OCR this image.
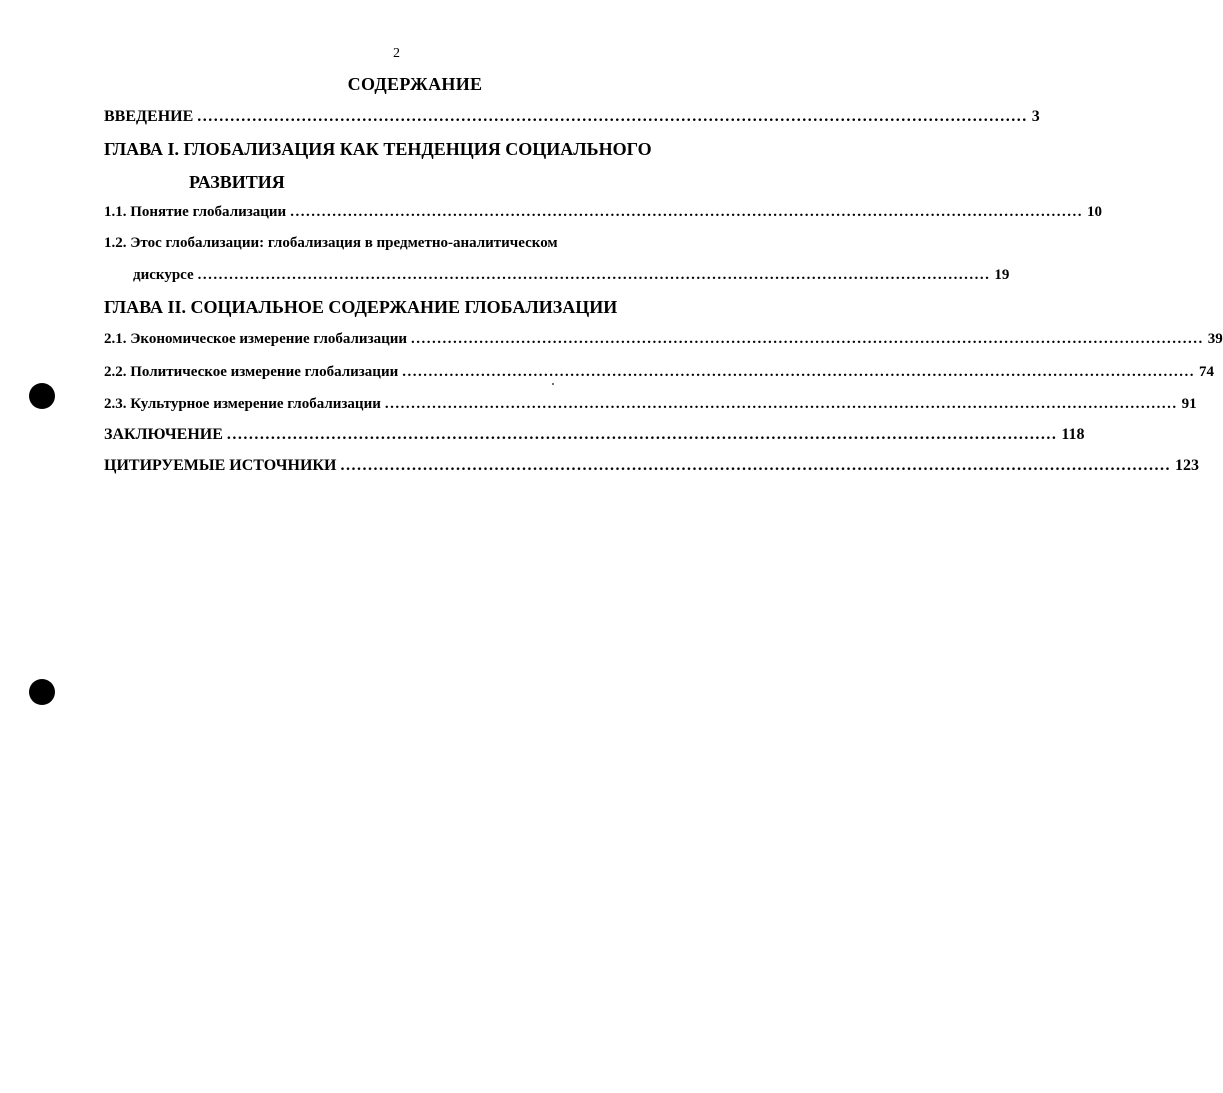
2
СОДЕРЖАНИЕ
ВВЕДЕНИЕ ....................................................................................................................................................... 3
ГЛАВА I. ГЛОБАЛИЗАЦИЯ КАК ТЕНДЕНЦИЯ СОЦИАЛЬНОГО
РАЗВИТИЯ
1.1. Понятие глобализации ....................................................................................................................................................... 10
1.2. Этос глобализации: глобализация в предметно-аналитическом
дискурсе ....................................................................................................................................................... 19
ГЛАВА II. СОЦИАЛЬНОЕ СОДЕРЖАНИЕ ГЛОБАЛИЗАЦИИ
2.1. Экономическое измерение глобализации ....................................................................................................................................................... 39
2.2. Политическое измерение глобализации ....................................................................................................................................................... 74
2.3. Культурное измерение глобализации ....................................................................................................................................................... 91
ЗАКЛЮЧЕНИЕ ....................................................................................................................................................... 118
ЦИТИРУЕМЫЕ ИСТОЧНИКИ ....................................................................................................................................................... 123
